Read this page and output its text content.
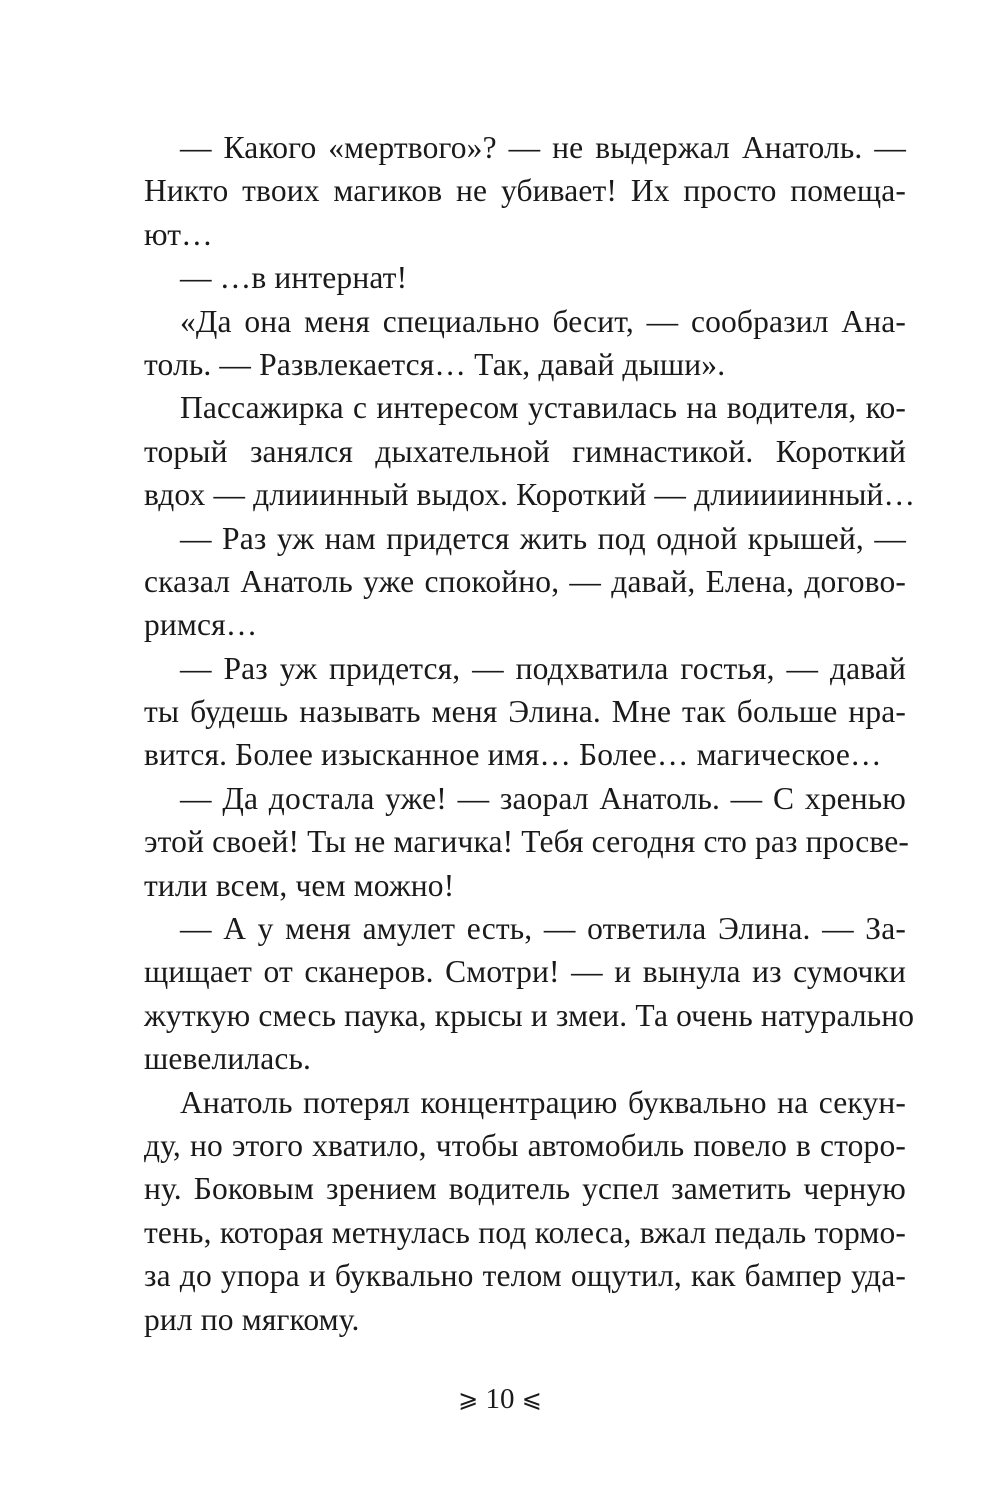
— Какого «мертвого»? — не выдержал Анатоль. —
Никто твоих магиков не убивает! Их просто помеща-
ют…
— …в интернат!
«Да она меня специально бесит, — сообразил Ана-
толь. — Развлекается… Так, давай дыши».
Пассажирка с интересом уставилась на водителя, ко-
торый занялся дыхательной гимнастикой. Короткий
вдох — длииинный выдох. Короткий — длииииинный…
— Раз уж нам придется жить под одной крышей, —
сказал Анатоль уже спокойно, — давай, Елена, догово-
римся…
— Раз уж придется, — подхватила гостья, — давай
ты будешь называть меня Элина. Мне так больше нра-
вится. Более изысканное имя… Более… магическое…
— Да достала уже! — заорал Анатоль. — С хренью
этой своей! Ты не магичка! Тебя сегодня сто раз просве-
тили всем, чем можно!
— А у меня амулет есть, — ответила Элина. — За-
щищает от сканеров. Смотри! — и вынула из сумочки
жуткую смесь паука, крысы и змеи. Та очень натурально
шевелилась.
Анатоль потерял концентрацию буквально на секун-
ду, но этого хватило, чтобы автомобиль повело в сторо-
ну. Боковым зрением водитель успел заметить черную
тень, которая метнулась под колеса, вжал педаль тормо-
за до упора и буквально телом ощутил, как бампер уда-
рил по мягкому.
⩾ 10 ⩽
